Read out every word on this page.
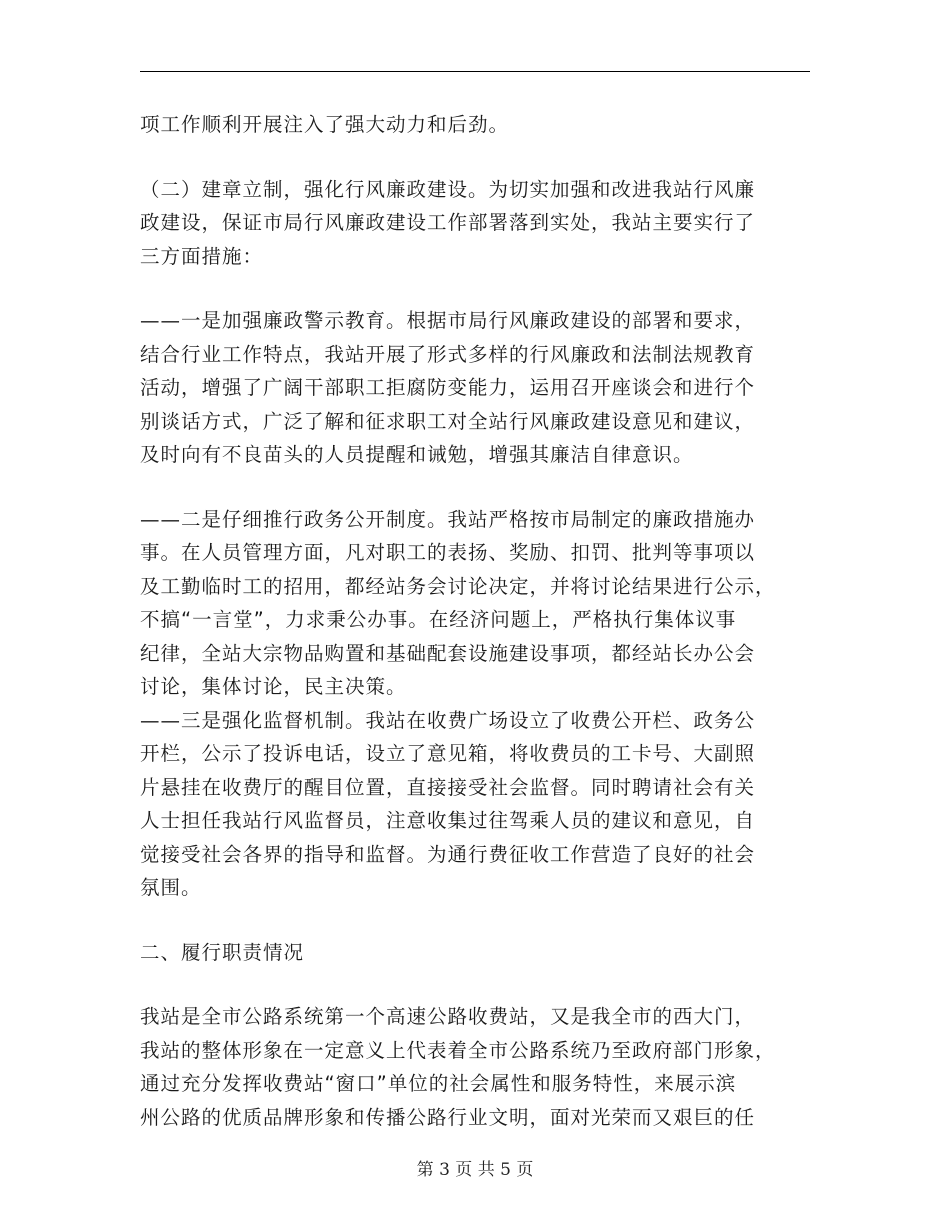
项工作顺利开展注入了强大动力和后劲。
（二）建章立制，强化行风廉政建设。为切实加强和改进我站行风廉
政建设，保证市局行风廉政建设工作部署落到实处，我站主要实行了
三方面措施：
——一是加强廉政警示教育。根据市局行风廉政建设的部署和要求，
结合行业工作特点，我站开展了形式多样的行风廉政和法制法规教育
活动，增强了广阔干部职工拒腐防变能力，运用召开座谈会和进行个
别谈话方式，广泛了解和征求职工对全站行风廉政建设意见和建议，
及时向有不良苗头的人员提醒和诫勉，增强其廉洁自律意识。
——二是仔细推行政务公开制度。我站严格按市局制定的廉政措施办
事。在人员管理方面，凡对职工的表扬、奖励、扣罚、批判等事项以
及工勤临时工的招用，都经站务会讨论决定，并将讨论结果进行公示，
不搞“一言堂”，力求秉公办事。在经济问题上，严格执行集体议事
纪律，全站大宗物品购置和基础配套设施建设事项，都经站长办公会
讨论，集体讨论，民主决策。
——三是强化监督机制。我站在收费广场设立了收费公开栏、政务公
开栏，公示了投诉电话，设立了意见箱，将收费员的工卡号、大副照
片悬挂在收费厅的醒目位置，直接接受社会监督。同时聘请社会有关
人士担任我站行风监督员，注意收集过往驾乘人员的建议和意见，自
觉接受社会各界的指导和监督。为通行费征收工作营造了良好的社会
氛围。
二、履行职责情况
我站是全市公路系统第一个高速公路收费站，又是我全市的西大门，
我站的整体形象在一定意义上代表着全市公路系统乃至政府部门形象，
通过充分发挥收费站“窗口”单位的社会属性和服务特性，来展示滨
州公路的优质品牌形象和传播公路行业文明，面对光荣而又艰巨的任
第 3 页 共 5 页
